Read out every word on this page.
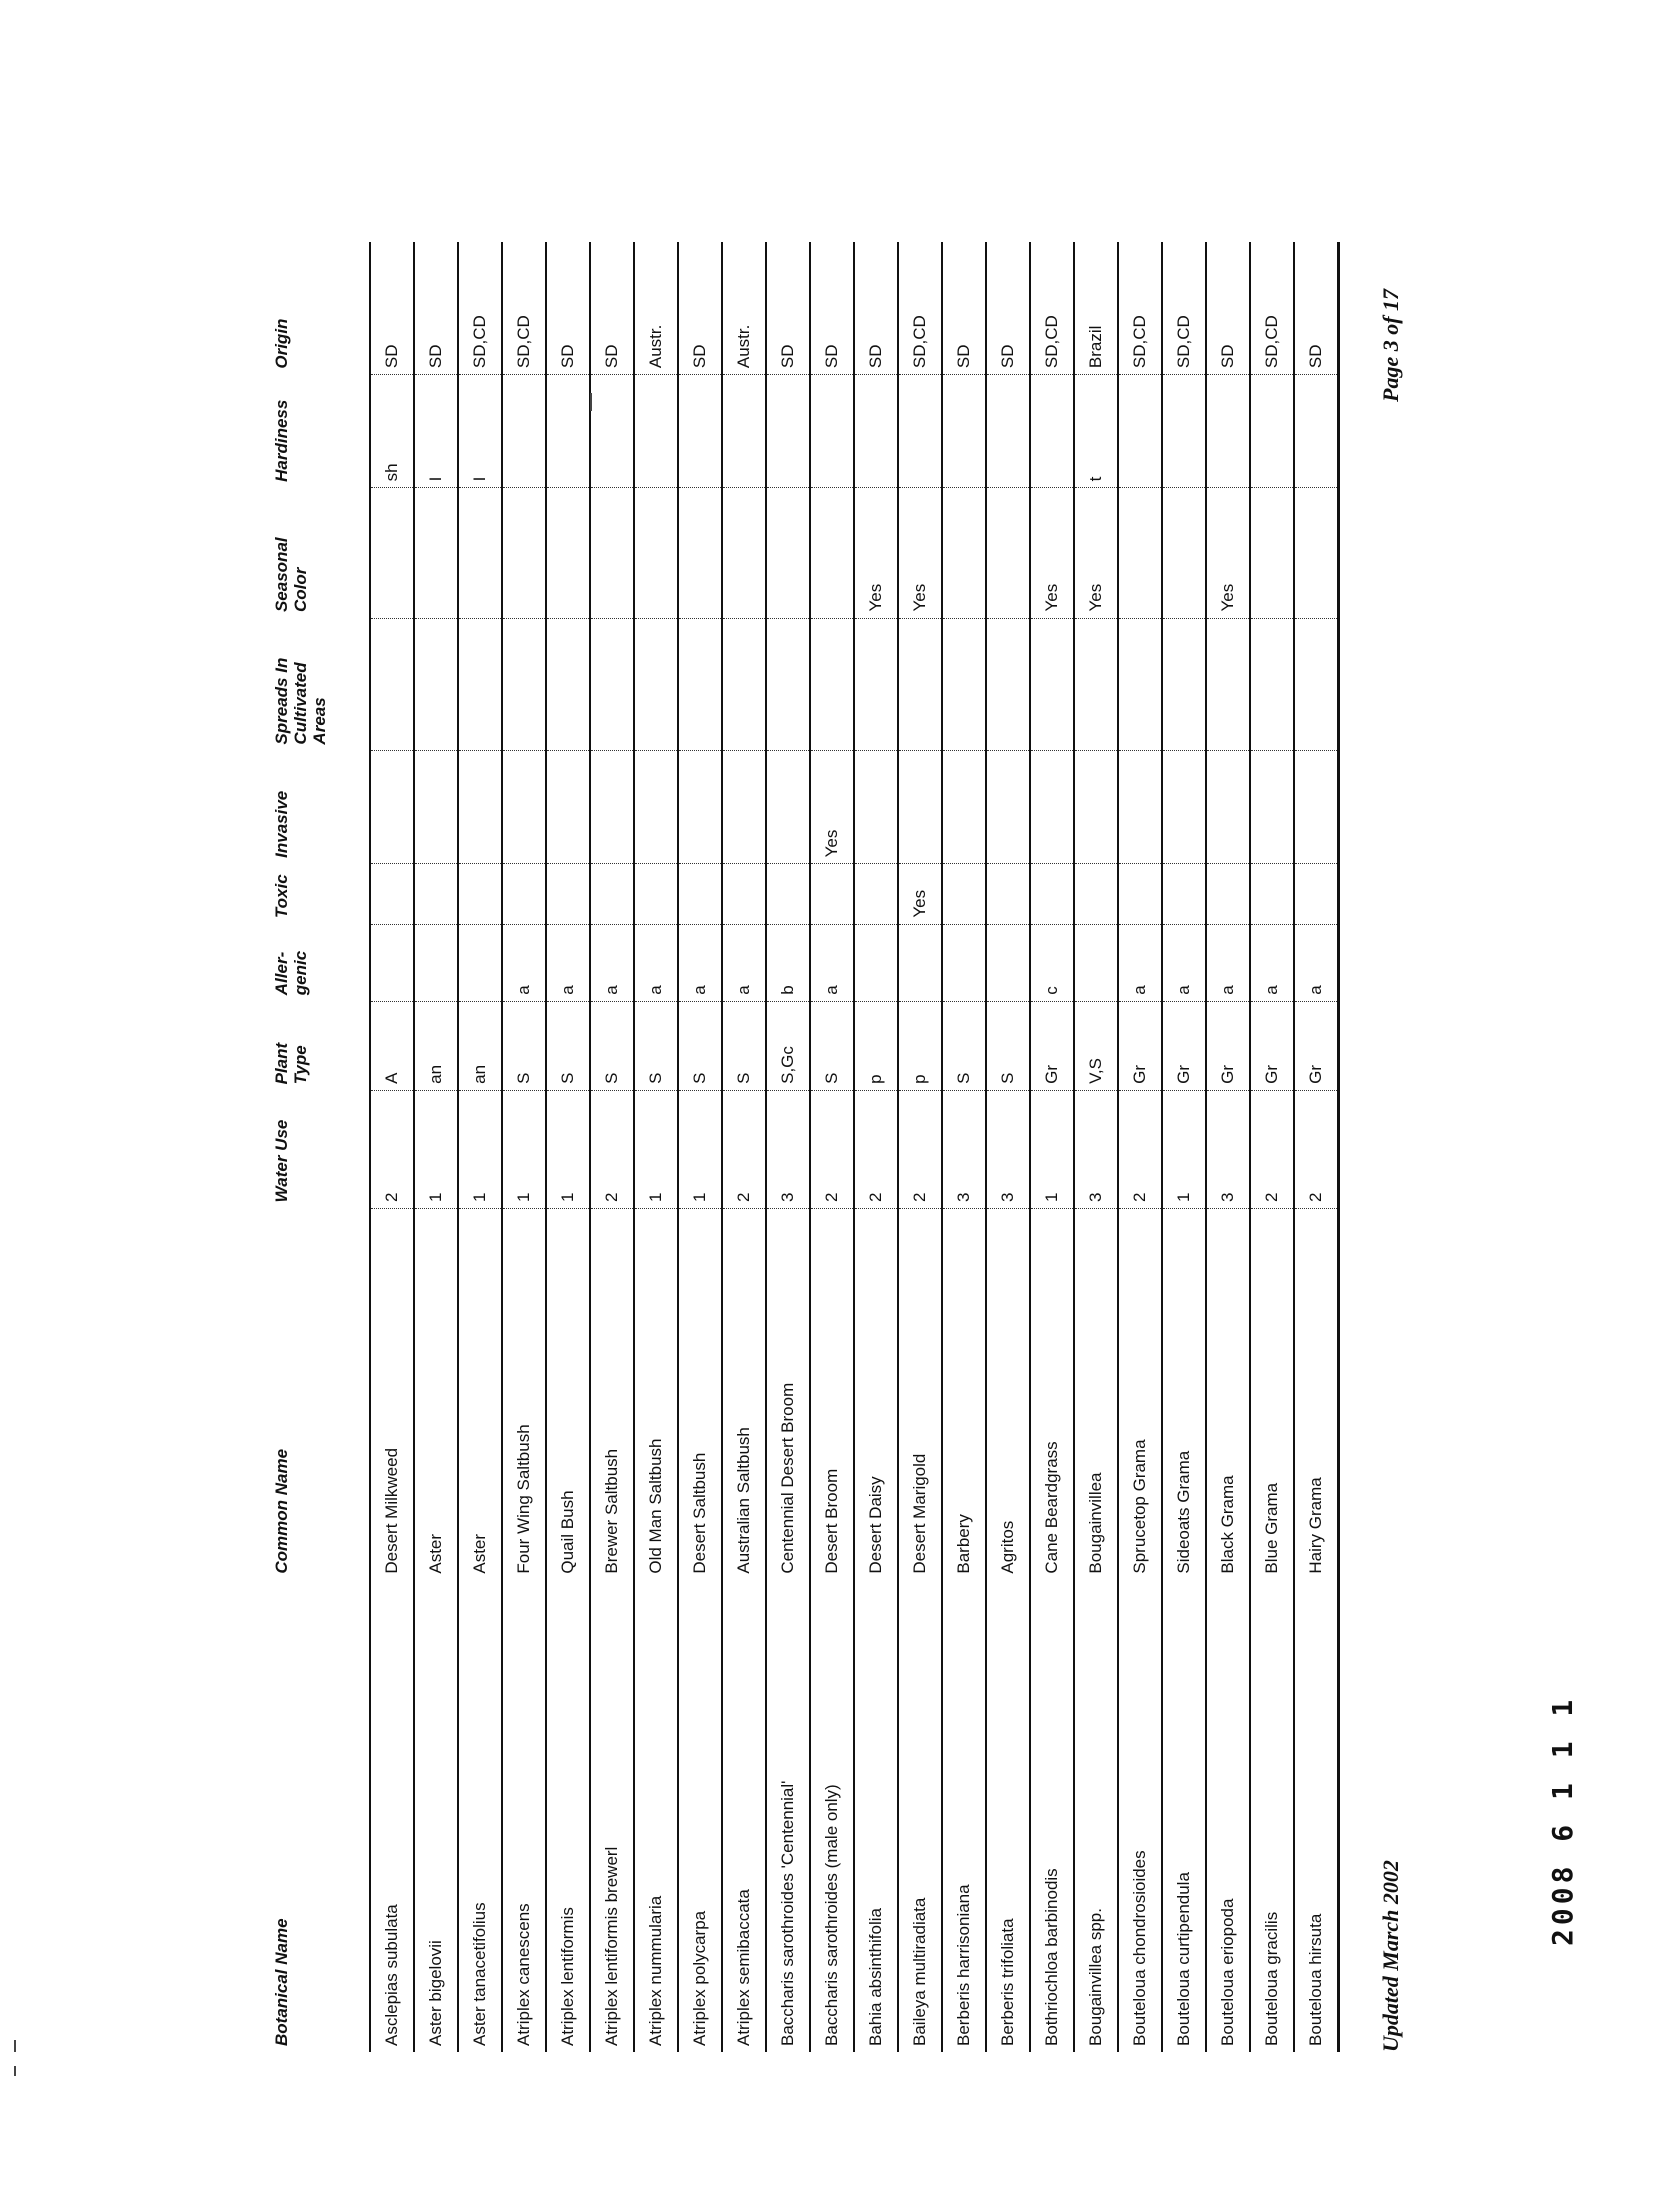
Botanical Name	Common Name	Water Use	Plant Type	Aller- genic	Toxic	Invasive	Spreads In Cultivated Areas	Seasonal Color	Hardiness	Origin
Asclepias subulata	Desert Milkweed	2	A						sh	SD
Aster bigelovii	Aster	1	an						I	SD
Aster tanacetifolius	Aster	1	an						I	SD,CD
Atriplex canescens	Four Wing Saltbush	1	S	a						SD,CD
Atriplex lentiformis	Quail Bush	1	S	a						SD
Atriplex lentiformis brewerl	Brewer Saltbush	2	S	a						SD
Atriplex nummularia	Old Man Saltbush	1	S	a						Austr.
Atriplex polycarpa	Desert Saltbush	1	S	a						SD
Atriplex semibaccata	Australian Saltbush	2	S	a						Austr.
Baccharis sarothroides 'Centennial'	Centennial Desert Broom	3	S,Gc	b						SD
Baccharis sarothroides (male only)	Desert Broom	2	S	a		Yes				SD
Bahia absinthifolia	Desert Daisy	2	p					Yes		SD
Baileya multiradiata	Desert Marigold	2	p		Yes			Yes		SD,CD
Berberis harrisoniana	Barbery	3	S							SD
Berberis trifoliata	Agritos	3	S							SD
Bothriochloa barbinodis	Cane Beardgrass	1	Gr	c				Yes		SD,CD
Bougainvillea spp.	Bougainvillea	3	V,S					Yes	t	Brazil
Bouteloua chondrosioides	Sprucetop Grama	2	Gr	a						SD,CD
Bouteloua curtipendula	Sideoats Grama	1	Gr	a						SD,CD
Bouteloua eriopoda	Black Grama	3	Gr	a				Yes		SD
Bouteloua gracilis	Blue Grama	2	Gr	a						SD,CD
Bouteloua hirsuta	Hairy Grama	2	Gr	a						SD
Updated March 2002
Page 3 of 17
2008 6 1 1 1
